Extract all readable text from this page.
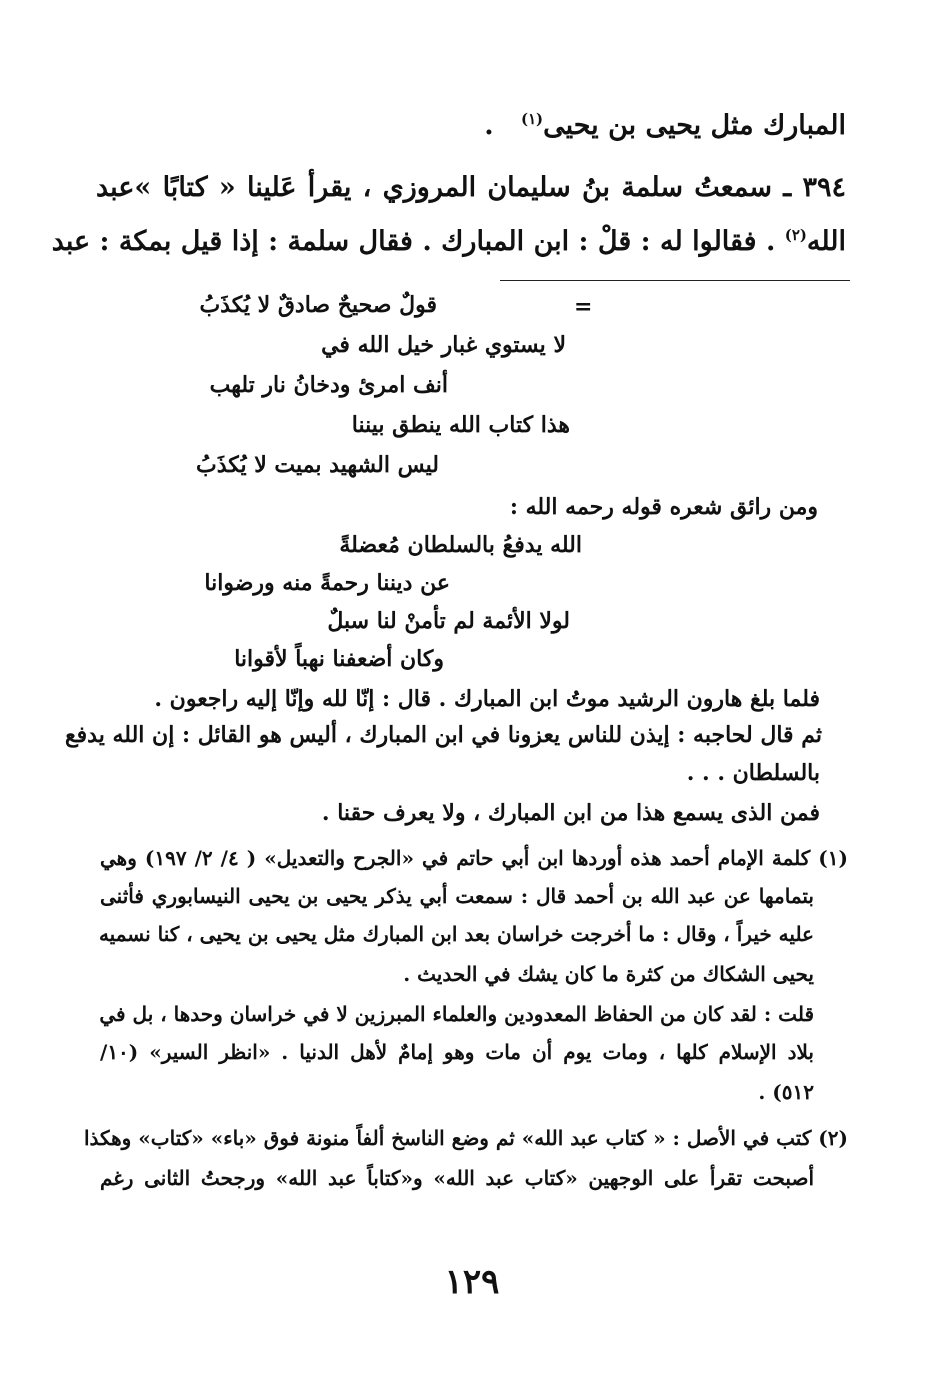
المبارك مثل يحيى بن يحيى$^{(١)}$ .
٣٩٤ ـ سمعتُ سلمة بنُ سليمان المروزي ، يقرأ عَلينا « كتابًا »عبد
الله$^{(٢)}$ . فقالوا له : قلْ : ابن المبارك . فقال سلمة : إذا قيل بمكة : عبد
=
قولٌ صحيحٌ صادقٌ لا يُكذَبُ
لا يستوي غبار خيل الله في
أنف امرئ ودخانُ نار تلهب
هذا كتاب الله ينطق بيننا
ليس الشهيد بميت لا يُكذَبُ
ومن رائق شعره قوله رحمه الله :
الله يدفعُ بالسلطان مُعضلةً
عن ديننا رحمةً منه ورضوانا
لولا الأئمة لم تأمنْ لنا سبلٌ
وكان أضعفنا نهباً لأقوانا
فلما بلغ هارون الرشيد موتُ ابن المبارك . قال : إنّا لله وإنّا إليه راجعون .
ثم قال لحاجبه : إيذن للناس يعزونا في ابن المبارك ، أليس هو القائل : إن الله يدفع
بالسلطان . . .
فمن الذى يسمع هذا من ابن المبارك ، ولا يعرف حقنا .
(١) كلمة الإمام أحمد هذه أوردها ابن أبي حاتم في «الجرح والتعديل» ( ٤/ ٢/ ١٩٧) وهي
بتمامها عن عبد الله بن أحمد قال : سمعت أبي يذكر يحيى بن يحيى النيسابوري فأثنى
عليه خيراً ، وقال : ما أخرجت خراسان بعد ابن المبارك مثل يحيى بن يحيى ، كنا نسميه
يحيى الشكاك من كثرة ما كان يشك في الحديث .
قلت : لقد كان من الحفاظ المعدودين والعلماء المبرزين لا في خراسان وحدها ، بل في
بلاد الإسلام كلها ، ومات يوم أن مات وهو إمامٌ لأهل الدنيا . «انظر السير» (١٠/
٥١٢) .
(٢) كتب في الأصل : « كتاب عبد الله» ثم وضع الناسخ ألفاً منونة فوق «باء» «كتاب» وهكذا
أصبحت تقرأ على الوجهين «كتاب عبد الله» و«كتاباً عبد الله» ورجحتُ الثانى رغم
١٢٩
